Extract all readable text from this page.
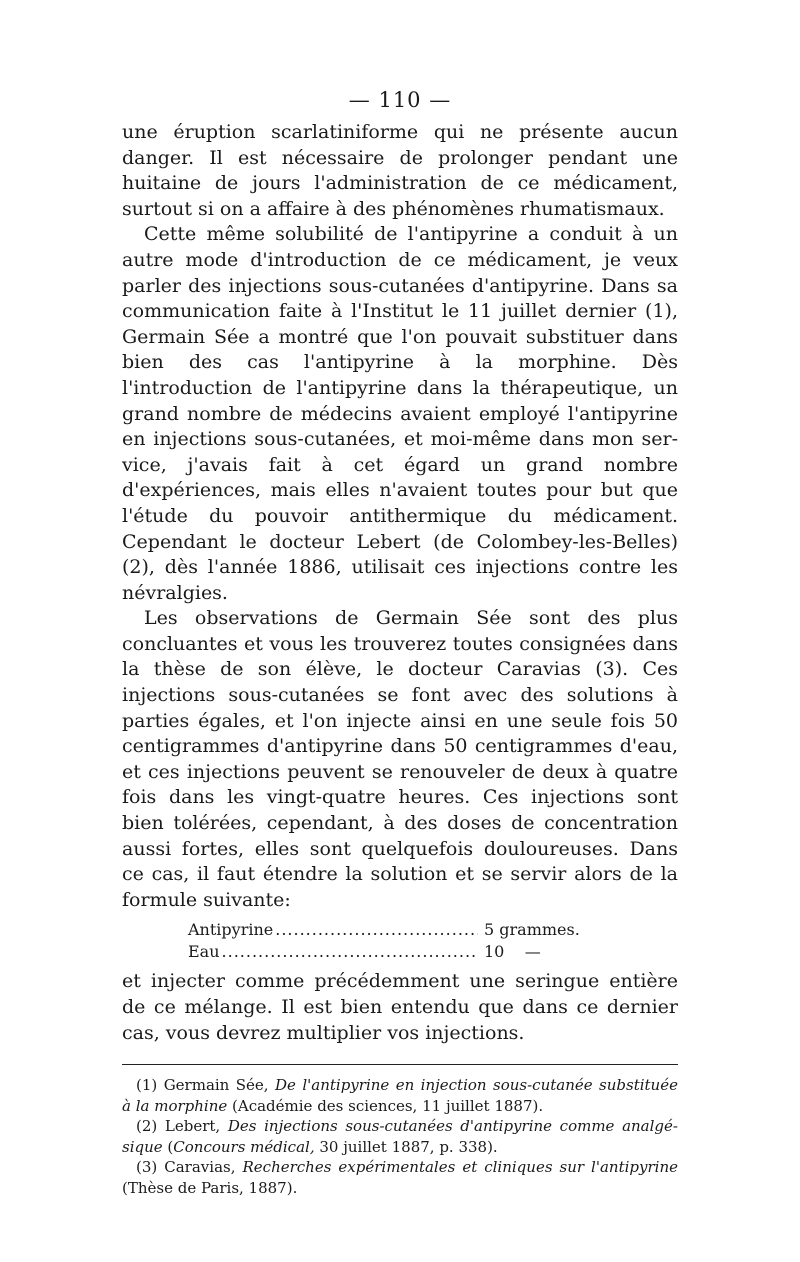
— 110 —

une éruption scarlatiniforme qui ne présente aucun danger. Il est nécessaire de prolonger pendant une huitaine de jours l'administration de ce médicament, surtout si on a affaire à des phénomènes rhumatismaux.

Cette même solubilité de l'antipyrine a conduit à un autre mode d'introduction de ce médicament, je veux parler des injections sous-cutanées d'antipyrine. Dans sa communication faite à l'Institut le 11 juillet dernier (1), Germain Sée a montré que l'on pouvait substituer dans bien des cas l'antipyrine à la morphine. Dès l'introduction de l'antipyrine dans la thérapeutique, un grand nombre de médecins avaient employé l'antipyrine en injections sous-cutanées, et moi-même dans mon service, j'avais fait à cet égard un grand nombre d'expériences, mais elles n'avaient toutes pour but que l'étude du pouvoir antithermique du médicament. Cependant le docteur Lebert (de Colombey-les-Belles) (2), dès l'année 1886, utilisait ces injections contre les névralgies.

Les observations de Germain Sée sont des plus concluantes et vous les trouverez toutes consignées dans la thèse de son élève, le docteur Caravias (3). Ces injections sous-cutanées se font avec des solutions à parties égales, et l'on injecte ainsi en une seule fois 50 centigrammes d'antipyrine dans 50 centigrammes d'eau, et ces injections peuvent se renouveler de deux à quatre fois dans les vingt-quatre heures. Ces injections sont bien tolérées, cependant, à des doses de concentration aussi fortes, elles sont quelquefois douloureuses. Dans ce cas, il faut étendre la solution et se servir alors de la formule suivante:

Antipyrine .....	5 grammes.
Eau .....	10    —

et injecter comme précédemment une seringue entière de ce mélange. Il est bien entendu que dans ce dernier cas, vous devrez multiplier vos injections.

(1) Germain Sée, De l'antipyrine en injection sous-cutanée substituée à la morphine (Académie des sciences, 11 juillet 1887).

(2) Lebert, Des injections sous-cutanées d'antipyrine comme analgésique (Concours médical, 30 juillet 1887, p. 338).

(3) Caravias, Recherches expérimentales et cliniques sur l'antipyrine (Thèse de Paris, 1887).
